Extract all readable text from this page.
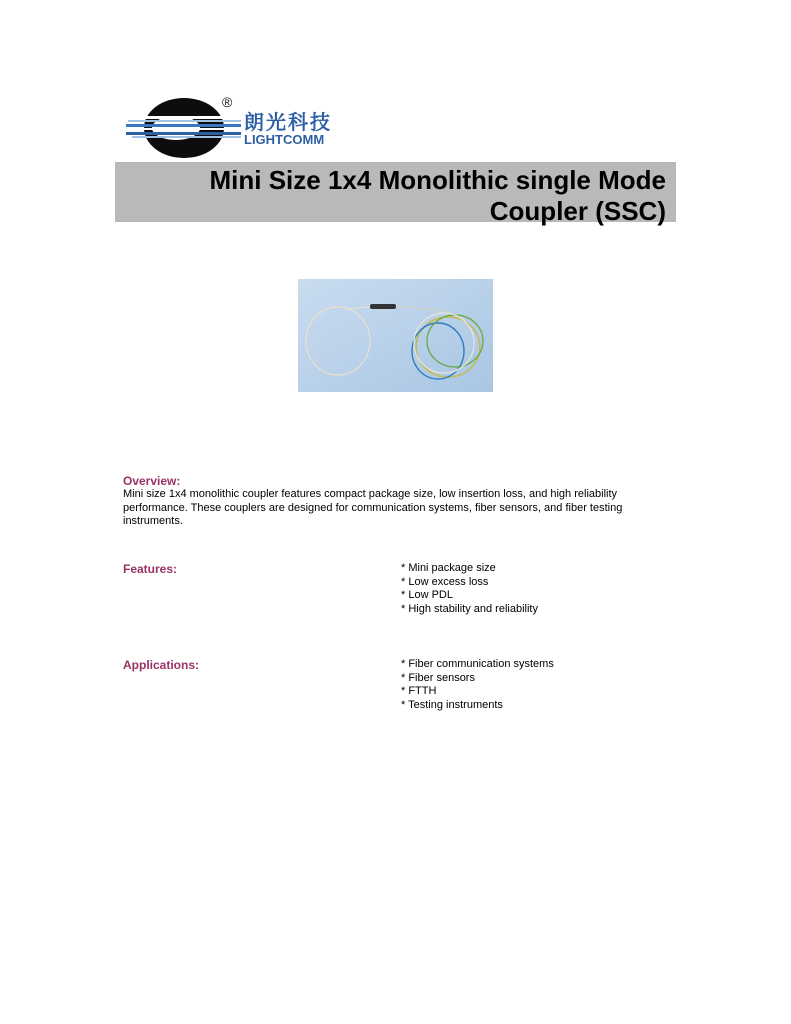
®
朗光科技
LIGHTCOMM
Mini Size 1x4 Monolithic single Mode
Coupler (SSC)
Overview:
Mini size 1x4 monolithic coupler features compact package size, low insertion loss, and high reliability
performance. These couplers are designed for communication systems, fiber sensors, and fiber testing
instruments.
Features:	* Mini package size
* Low excess loss
* Low PDL
* High stability and reliability
Applications:	* Fiber communication systems
* Fiber sensors
* FTTH
* Testing instruments
